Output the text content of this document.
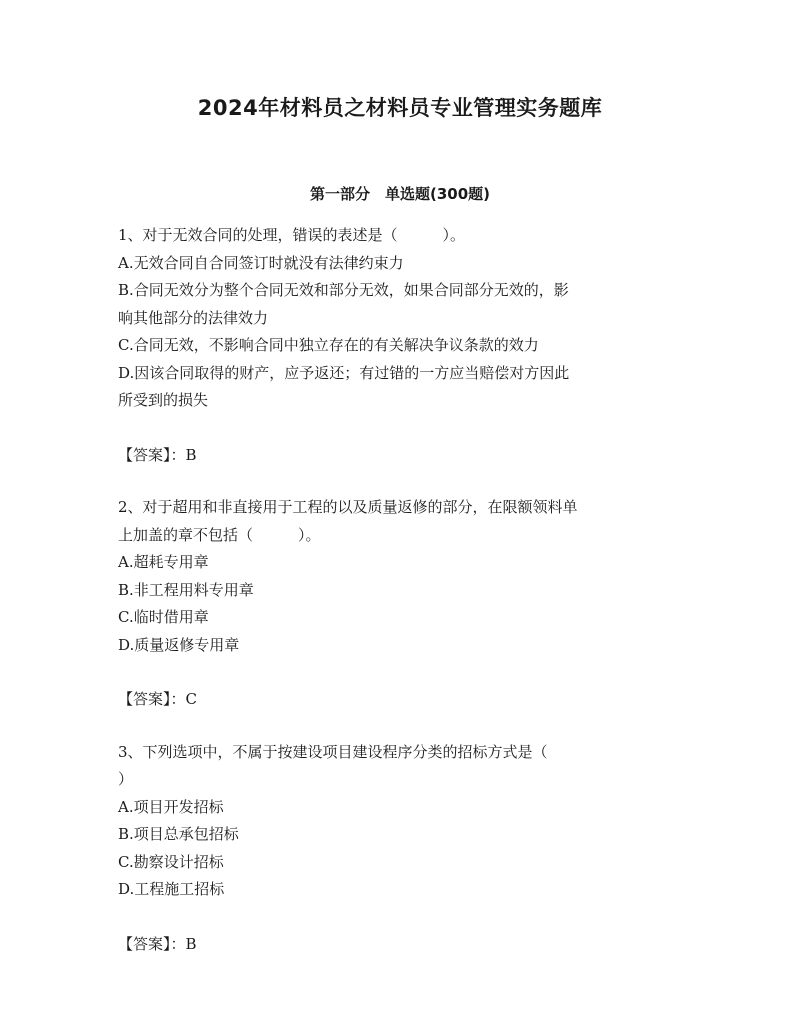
2024年材料员之材料员专业管理实务题库
第一部分　单选题(300题)
1、对于无效合同的处理，错误的表述是（　　　）。
A.无效合同自合同签订时就没有法律约束力
B.合同无效分为整个合同无效和部分无效，如果合同部分无效的，影
响其他部分的法律效力
C.合同无效，不影响合同中独立存在的有关解决争议条款的效力
D.因该合同取得的财产，应予返还；有过错的一方应当赔偿对方因此
所受到的损失
【答案】：B
2、对于超用和非直接用于工程的以及质量返修的部分，在限额领料单
上加盖的章不包括（　　　）。
A.超耗专用章
B.非工程用料专用章
C.临时借用章
D.质量返修专用章
【答案】：C
3、下列选项中，不属于按建设项目建设程序分类的招标方式是（
）
A.项目开发招标
B.项目总承包招标
C.勘察设计招标
D.工程施工招标
【答案】：B
